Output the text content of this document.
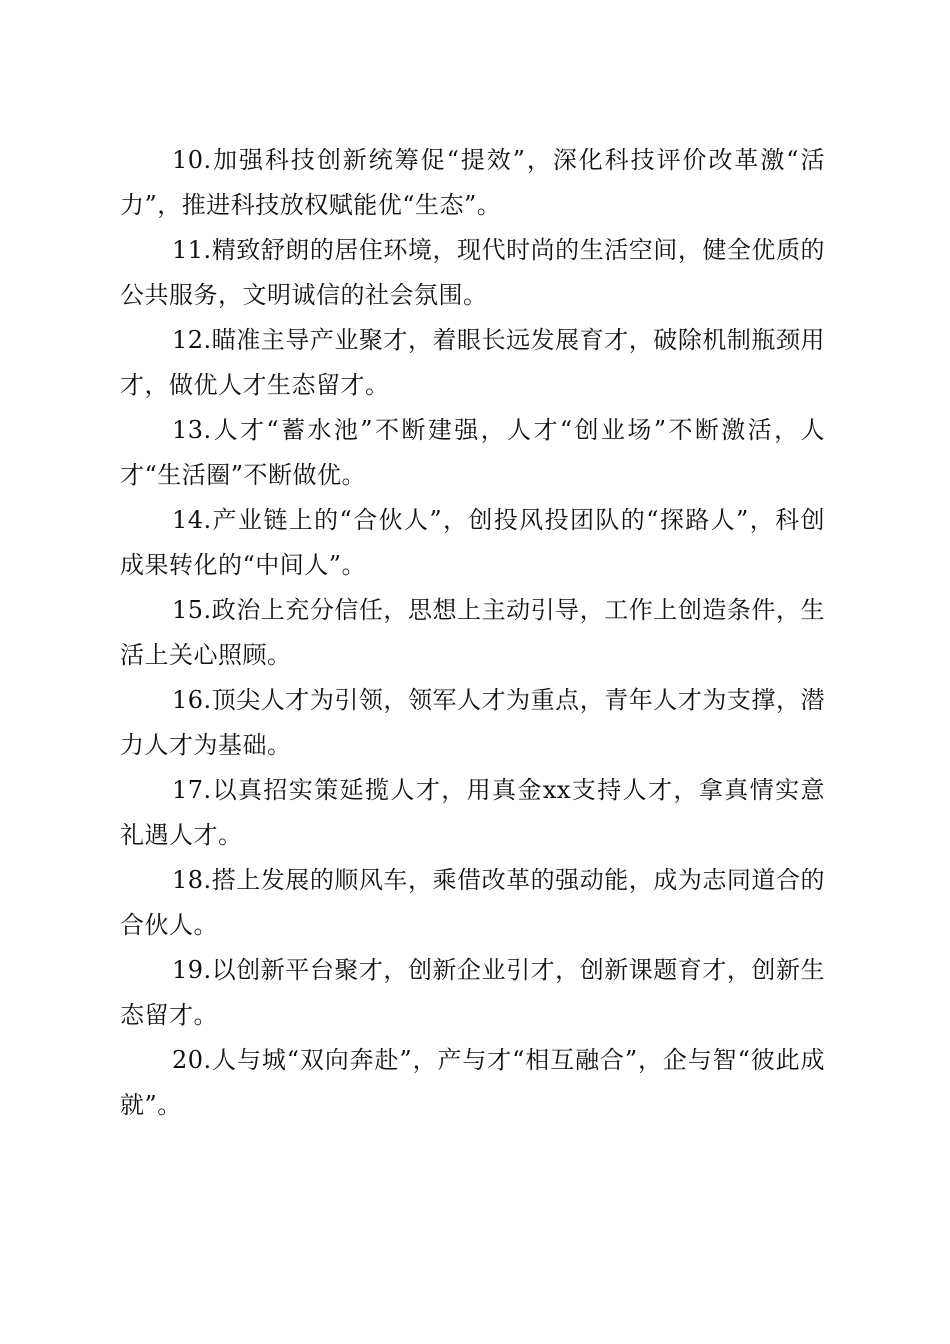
10.加强科技创新统筹促“提效”，深化科技评价改革激“活力”，推进科技放权赋能优“生态”。

11.精致舒朗的居住环境，现代时尚的生活空间，健全优质的公共服务，文明诚信的社会氛围。

12.瞄准主导产业聚才，着眼长远发展育才，破除机制瓶颈用才，做优人才生态留才。

13.人才“蓄水池”不断建强，人才“创业场”不断激活，人才“生活圈”不断做优。

14.产业链上的“合伙人”，创投风投团队的“探路人”，科创成果转化的“中间人”。

15.政治上充分信任，思想上主动引导，工作上创造条件，生活上关心照顾。

16.顶尖人才为引领，领军人才为重点，青年人才为支撑，潜力人才为基础。

17.以真招实策延揽人才，用真金xx支持人才，拿真情实意礼遇人才。

18.搭上发展的顺风车，乘借改革的强动能，成为志同道合的合伙人。

19.以创新平台聚才，创新企业引才，创新课题育才，创新生态留才。

20.人与城“双向奔赴”，产与才“相互融合”，企与智“彼此成就”。
